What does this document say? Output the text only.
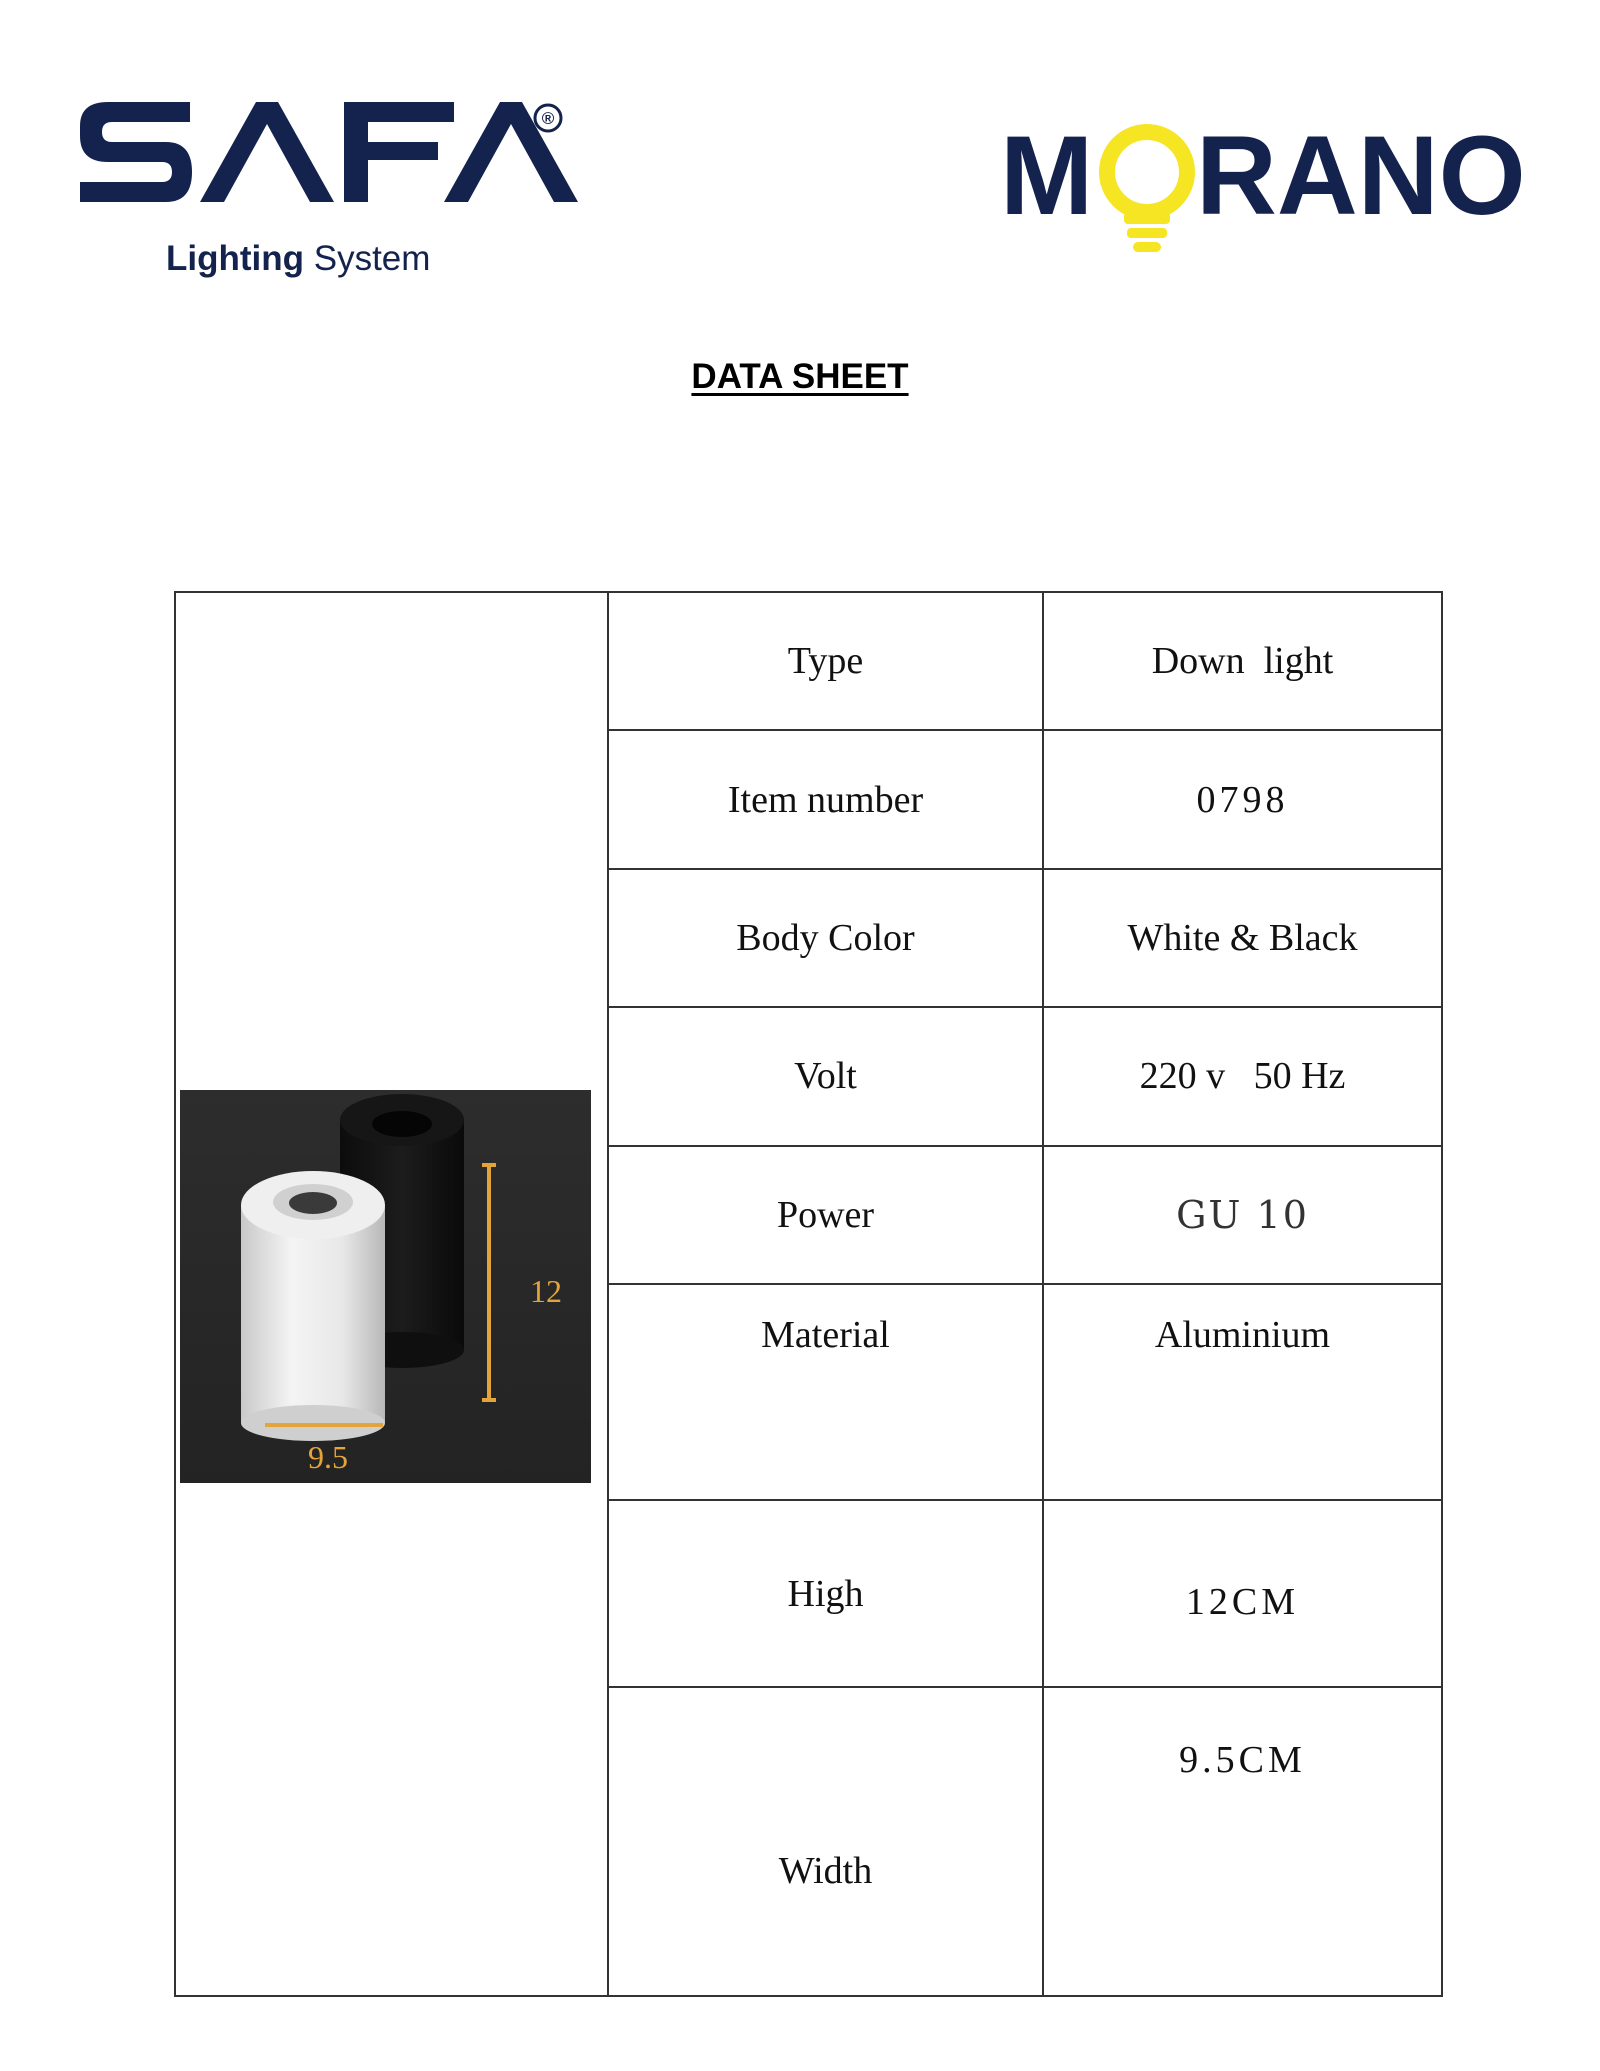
®
Lighting System
M RANO
DATA SHEET
	Type	Down  light
	Item number	0798
	Body Color	White & Black
	Volt	220 v   50 Hz
	Power	GU 10
	Material	Aluminium
	High	12CM
	Width	9.5CM
12
9.5
